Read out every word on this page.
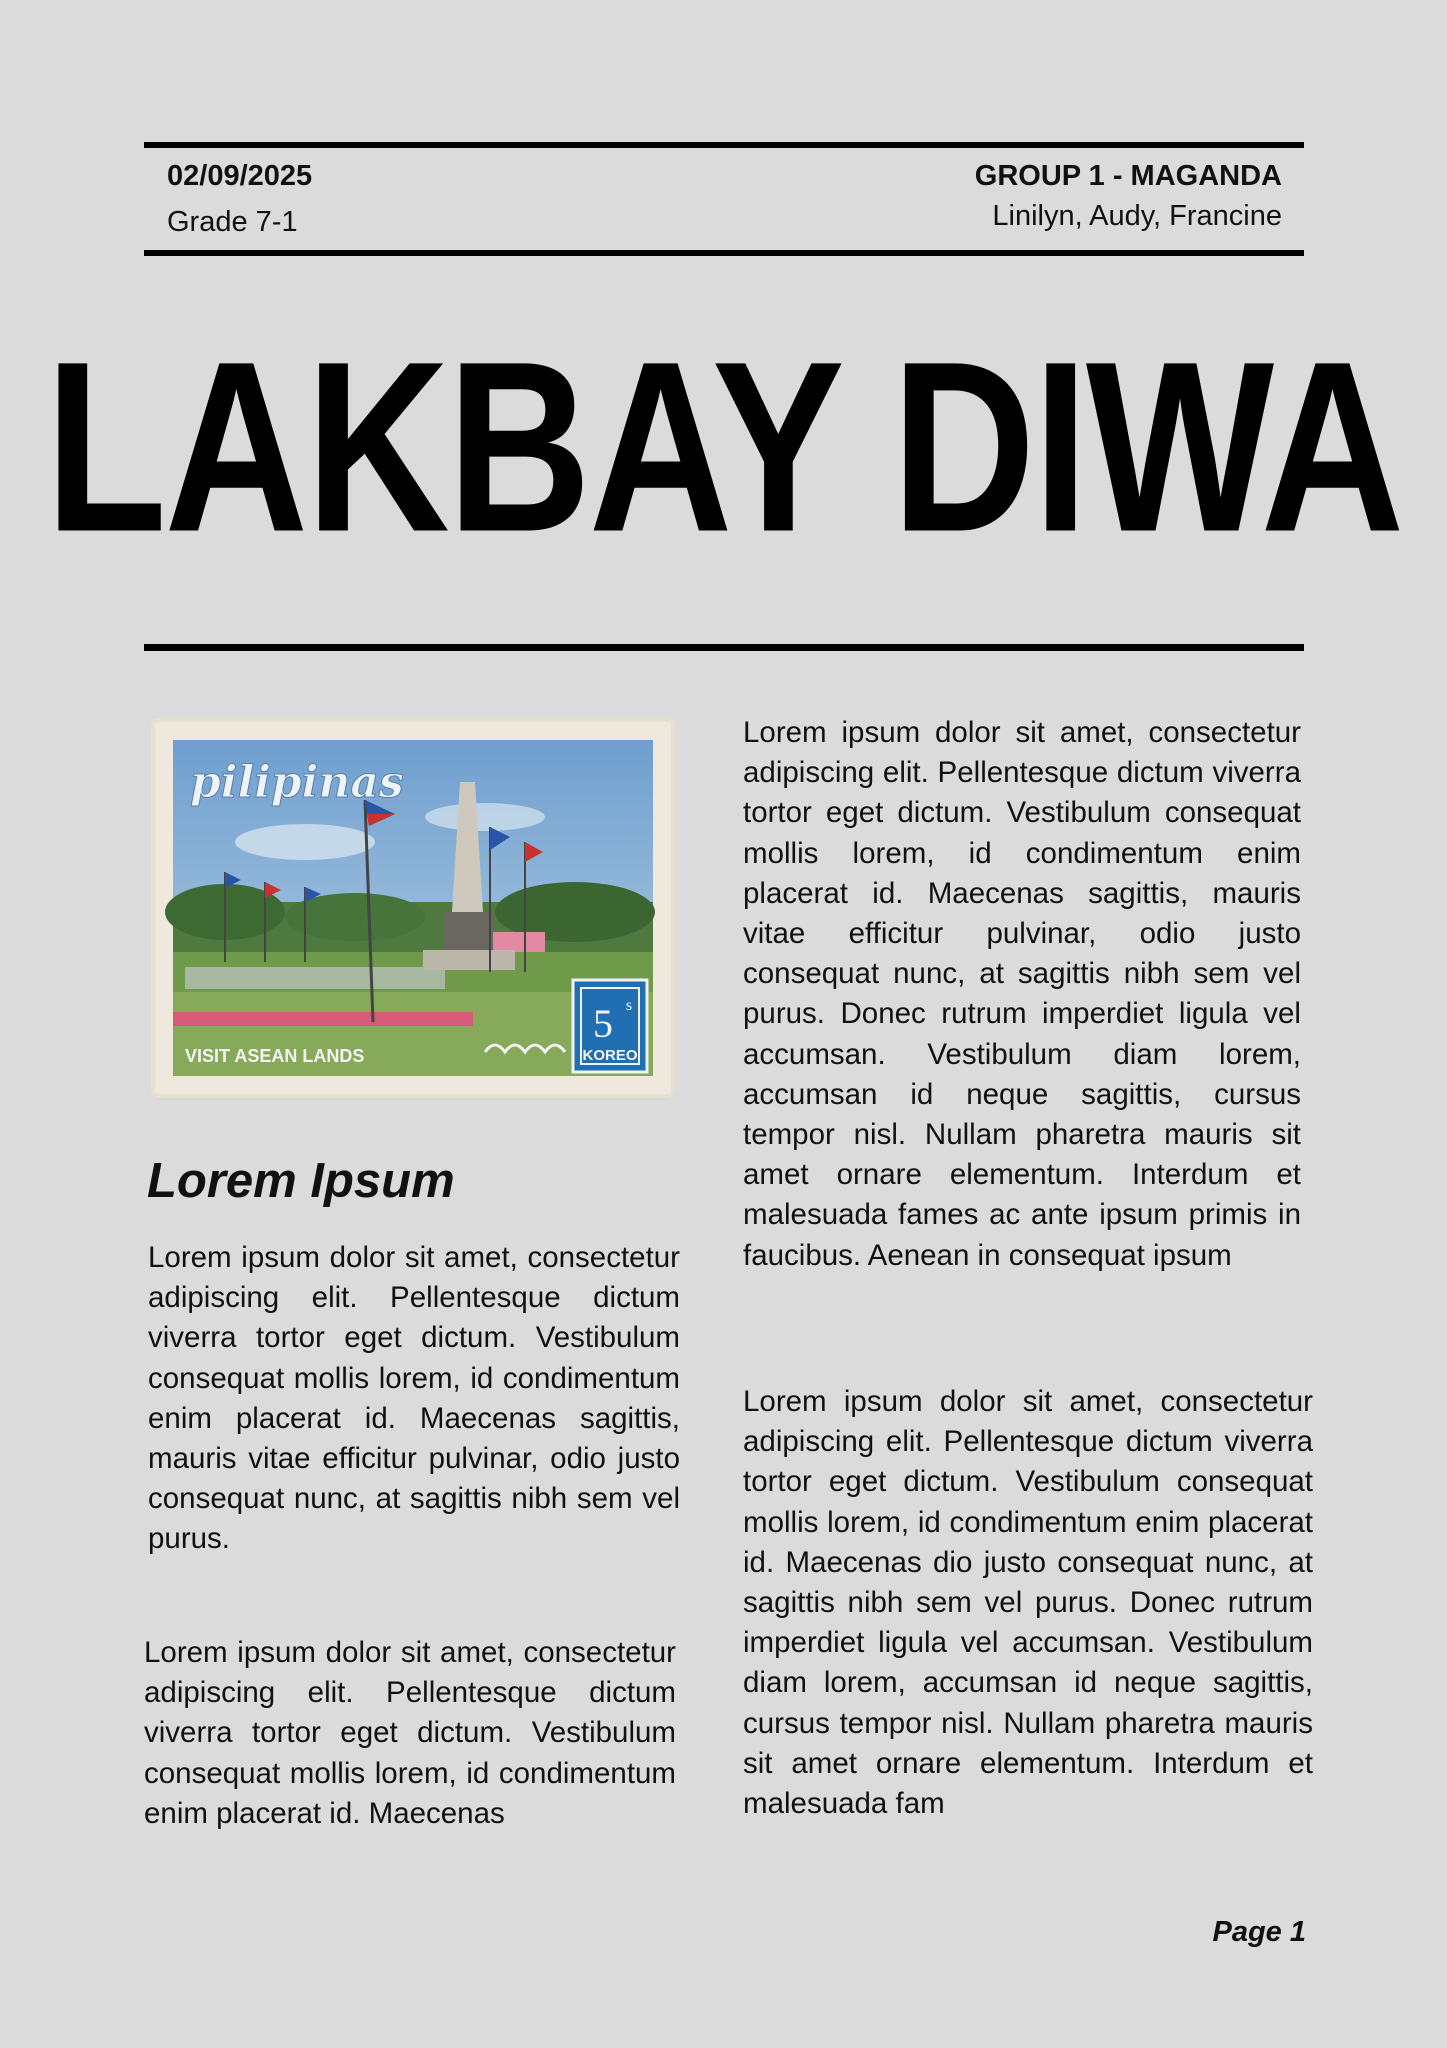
02/09/2025
Grade 7-1
GROUP 1 - MAGANDA
Linilyn, Audy, Francine
LAKBAY DIWA
5 s
KOREO
pilipinas
VISIT ASEAN LANDS
Lorem Ipsum

Lorem ipsum dolor sit amet, consectetur adipiscing elit. Pellentesque dictum viverra tortor eget dictum. Vestibulum consequat mollis lorem, id condimentum enim placerat id. Maecenas sagittis, mauris vitae efficitur pulvinar, odio justo consequat nunc, at sagittis nibh sem vel purus.

Lorem ipsum dolor sit amet, consectetur adipiscing elit. Pellentesque dictum viverra tortor eget dictum. Vestibulum consequat mollis lorem, id condimentum enim placerat id. Maecenas

Lorem ipsum dolor sit amet, consectetur adipiscing elit. Pellentesque dictum viverra tortor eget dictum. Vestibulum consequat mollis lorem, id condimentum enim placerat id. Maecenas sagittis, mauris vitae efficitur pulvinar, odio justo consequat nunc, at sagittis nibh sem vel purus. Donec rutrum imperdiet ligula vel accumsan. Vestibulum diam lorem, accumsan id neque sagittis, cursus tempor nisl. Nullam pharetra mauris sit amet ornare elementum. Interdum et malesuada fames ac ante ipsum primis in faucibus. Aenean in consequat ipsum

Lorem ipsum dolor sit amet, consectetur adipiscing elit. Pellentesque dictum viverra tortor eget dictum. Vestibulum consequat mollis lorem, id condimentum enim placerat id. Maecenas dio justo consequat nunc, at sagittis nibh sem vel purus. Donec rutrum imperdiet ligula vel accumsan. Vestibulum diam lorem, accumsan id neque sagittis, cursus tempor nisl. Nullam pharetra mauris sit amet ornare elementum. Interdum et malesuada fam

Page 1
